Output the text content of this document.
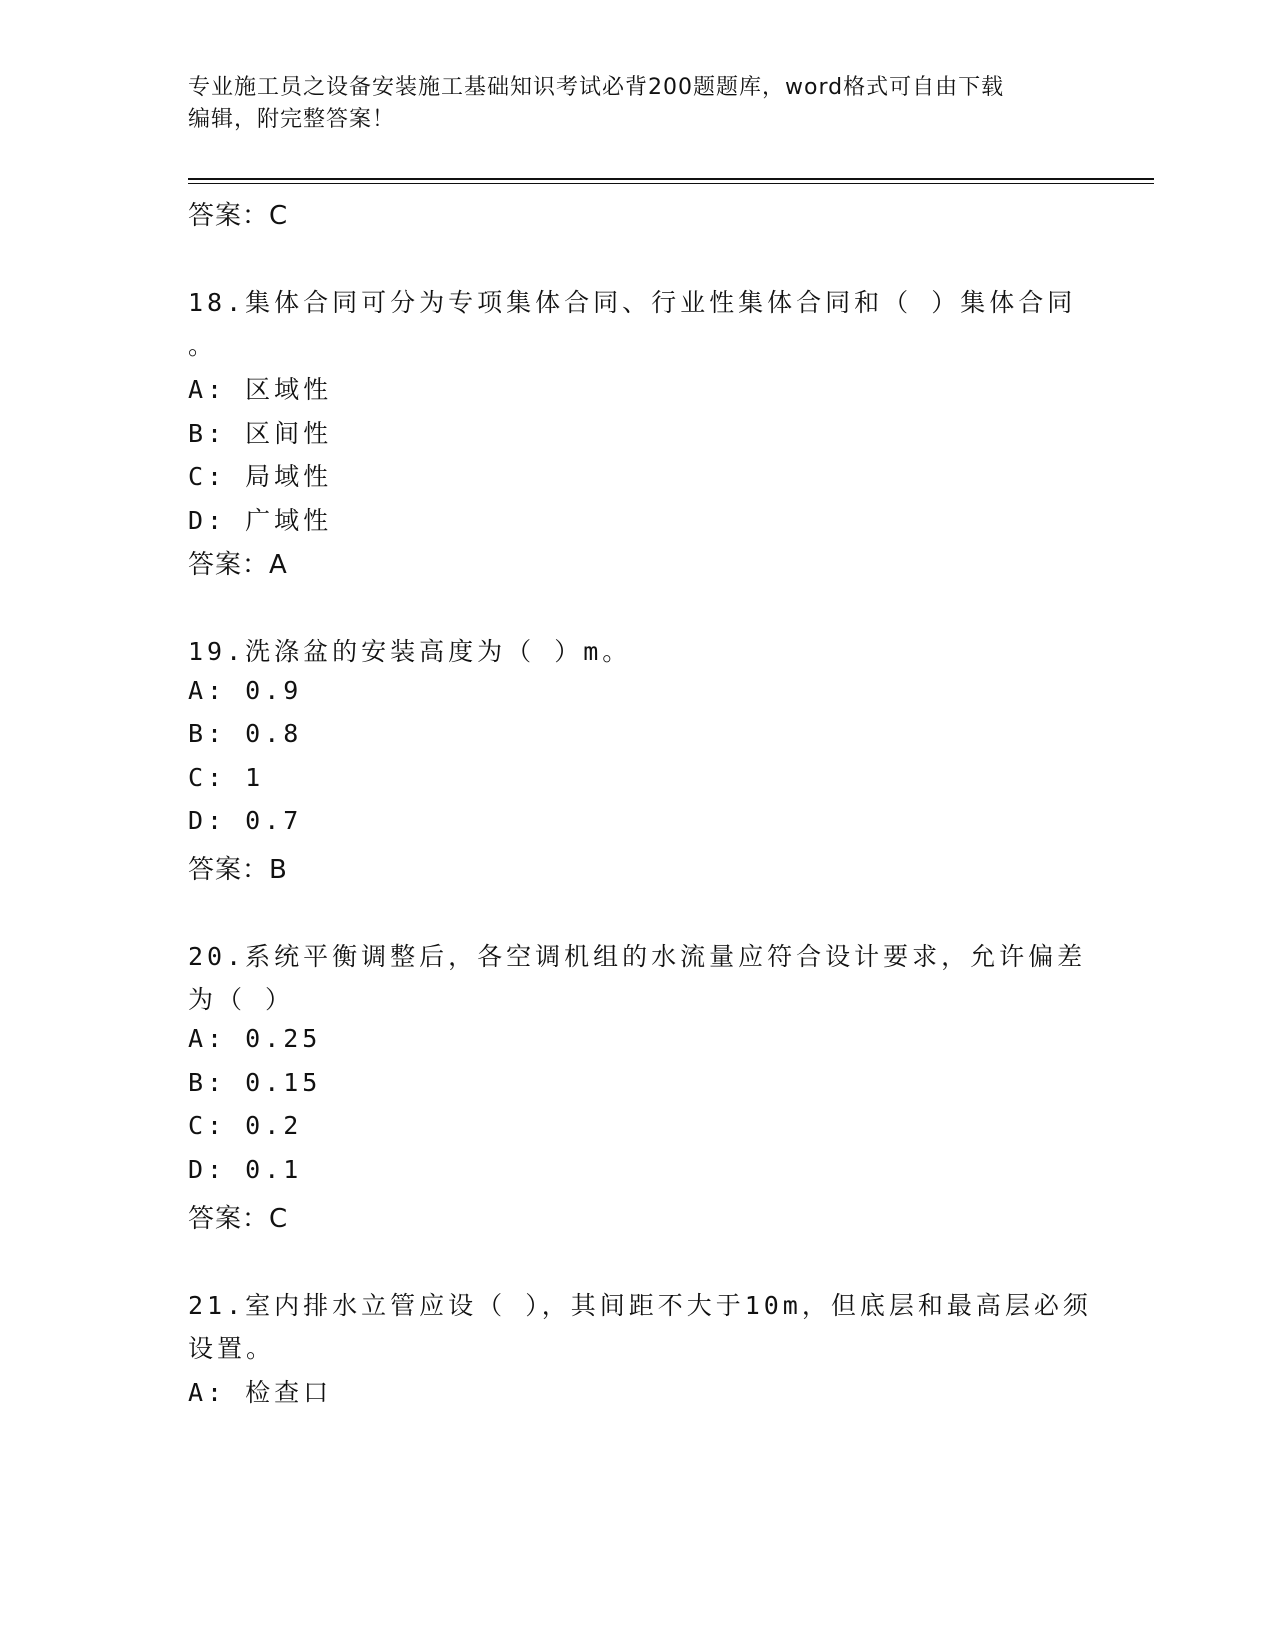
专业施工员之设备安装施工基础知识考试必背200题题库，word格式可自由下载
编辑，附完整答案！
答案：C
18.集体合同可分为专项集体合同、行业性集体合同和（ ）集体合同
。
A: 区域性
B: 区间性
C: 局域性
D: 广域性
答案：A
19.洗涤盆的安装高度为（ ）m。
A: 0.9
B: 0.8
C: 1
D: 0.7
答案：B
20.系统平衡调整后，各空调机组的水流量应符合设计要求，允许偏差
为（ ）
A: 0.25
B: 0.15
C: 0.2
D: 0.1
答案：C
21.室内排水立管应设（ ），其间距不大于10m，但底层和最高层必须
设置。
A: 检查口
